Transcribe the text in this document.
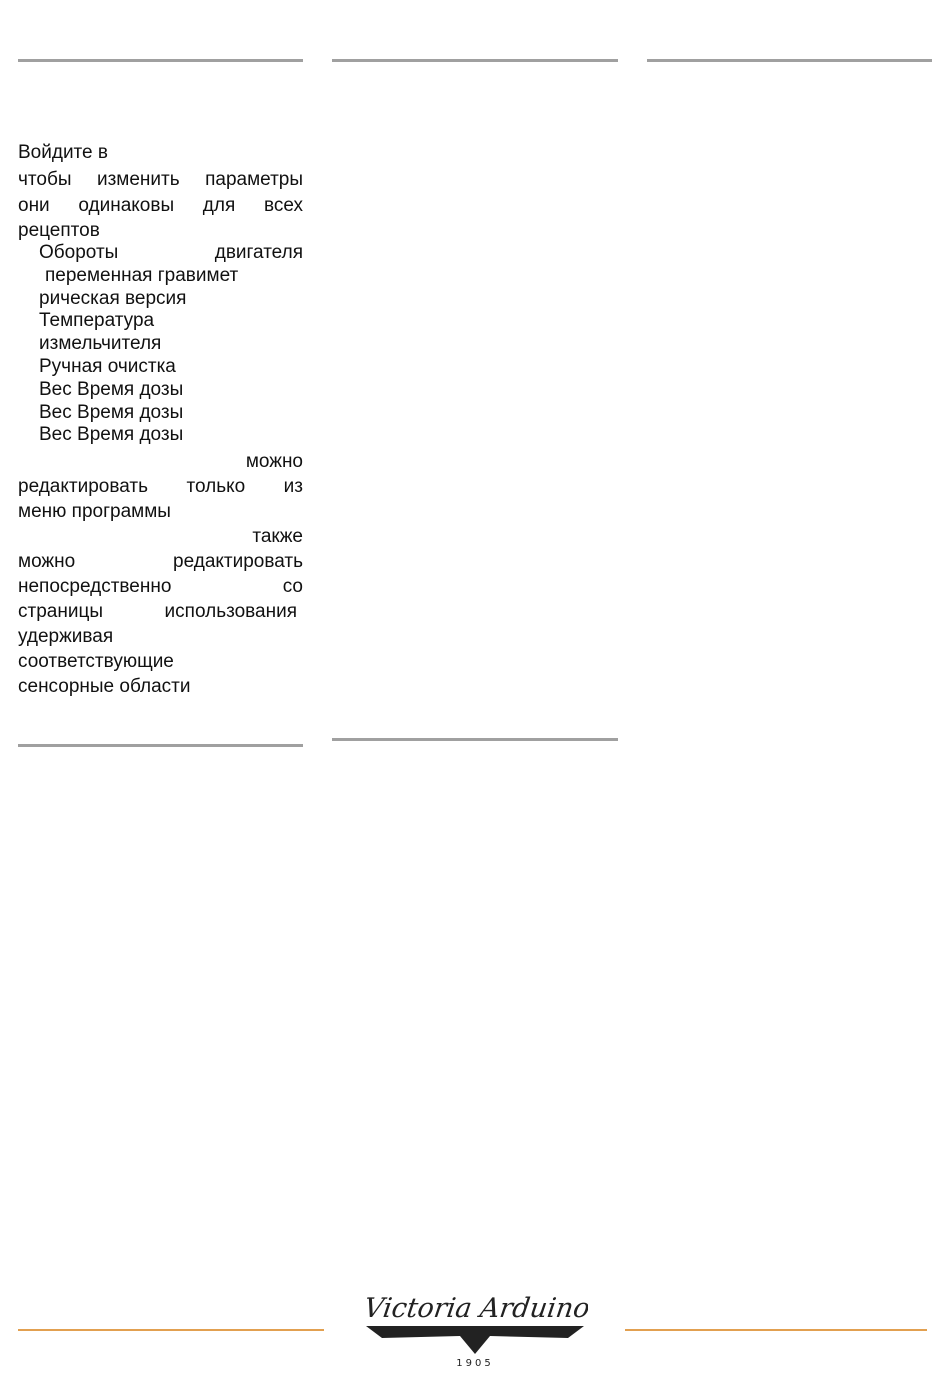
Войдите в
чтобы изменить параметры
они одинаковы для всех
рецептов
Обороты двигателя
переменная гравимет
рическая версия
Температура
измельчителя
Ручная очистка
Вес Время дозы
Вес Время дозы
Вес Время дозы
можно
редактировать только из
меню программы
также
можно редактировать
непосредственно со
страницы использования
удерживая
соответствующие
сенсорные области
Victoria Arduino
1905
